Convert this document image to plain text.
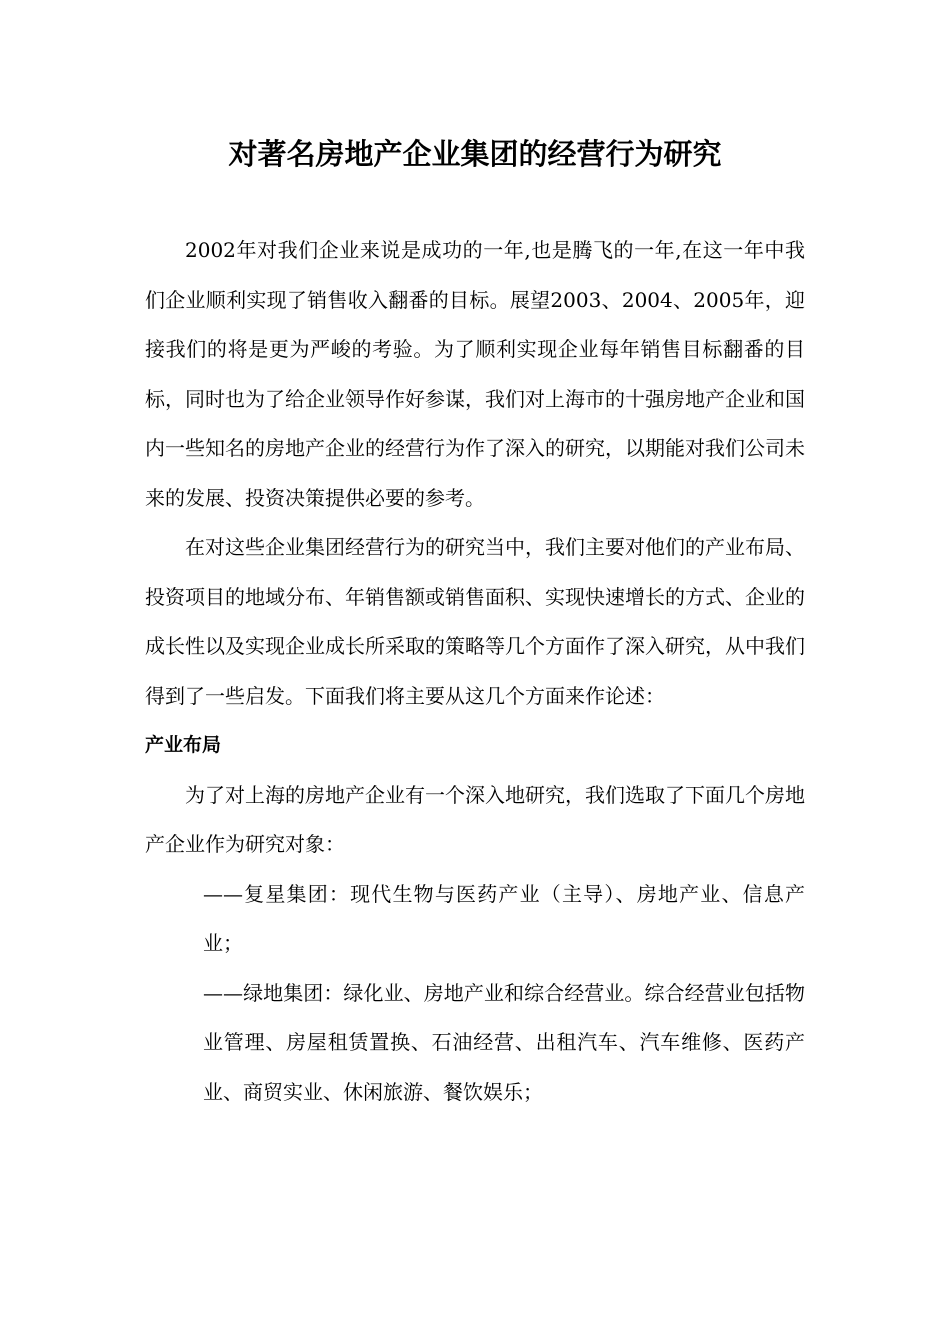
对著名房地产企业集团的经营行为研究

2002年对我们企业来说是成功的一年,也是腾飞的一年,在这一年中我们企业顺利实现了销售收入翻番的目标。展望2003、2004、2005年，迎接我们的将是更为严峻的考验。为了顺利实现企业每年销售目标翻番的目标，同时也为了给企业领导作好参谋，我们对上海市的十强房地产企业和国内一些知名的房地产企业的经营行为作了深入的研究，以期能对我们公司未来的发展、投资决策提供必要的参考。

在对这些企业集团经营行为的研究当中，我们主要对他们的产业布局、投资项目的地域分布、年销售额或销售面积、实现快速增长的方式、企业的成长性以及实现企业成长所采取的策略等几个方面作了深入研究，从中我们得到了一些启发。下面我们将主要从这几个方面来作论述：

产业布局

为了对上海的房地产企业有一个深入地研究，我们选取了下面几个房地产企业作为研究对象：

——复星集团：现代生物与医药产业（主导）、房地产业、信息产业；

——绿地集团：绿化业、房地产业和综合经营业。综合经营业包括物业管理、房屋租赁置换、石油经营、出租汽车、汽车维修、医药产业、商贸实业、休闲旅游、餐饮娱乐；
